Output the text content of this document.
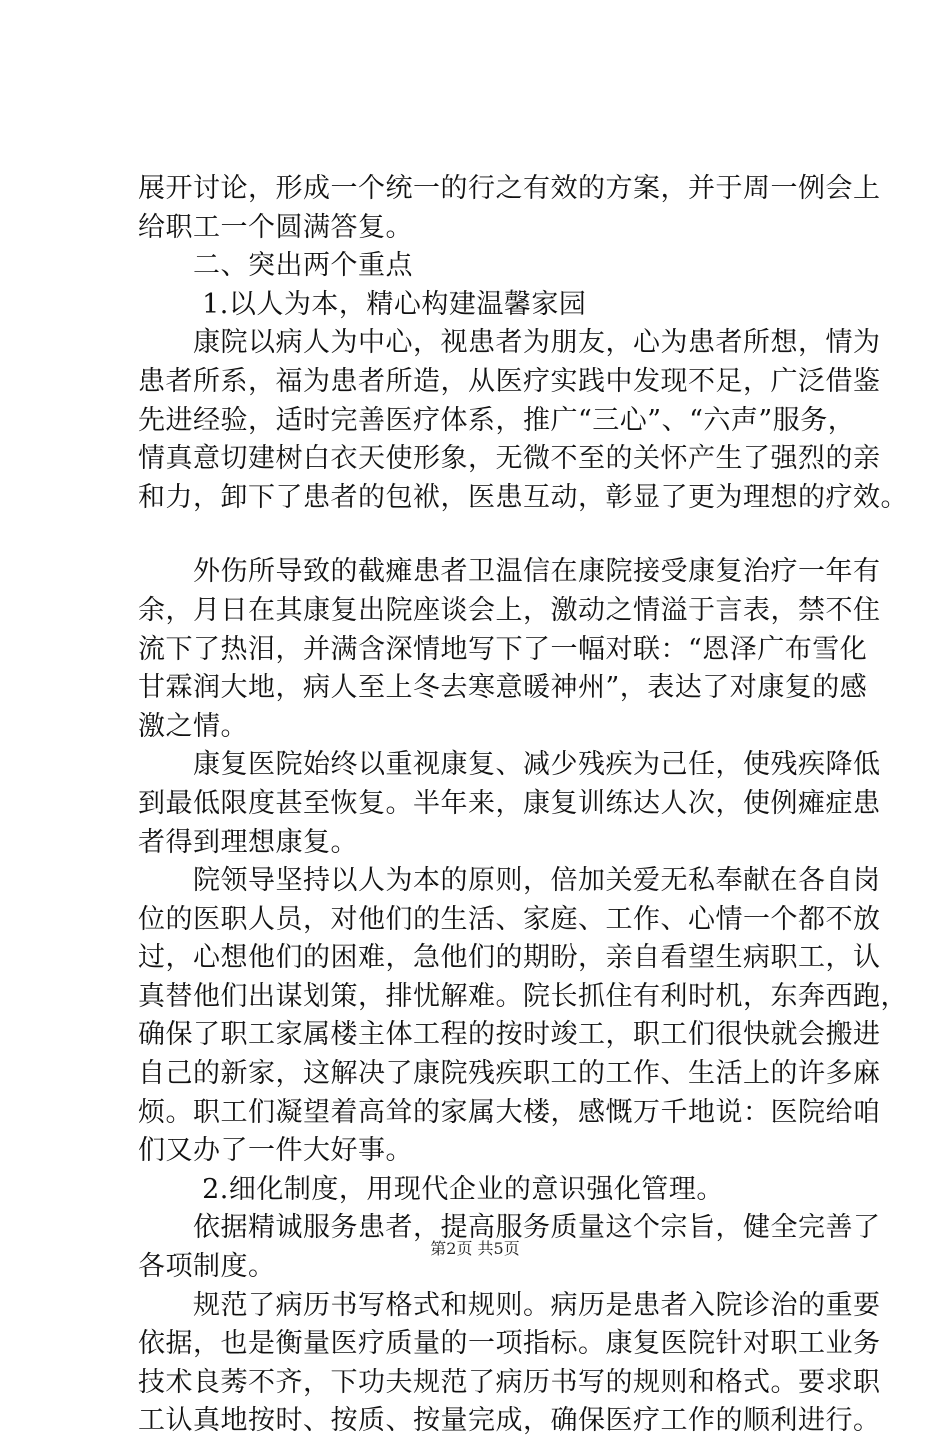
展开讨论，形成一个统一的行之有效的方案，并于周一例会上
给职工一个圆满答复。
　　二、突出两个重点
　　 1.以人为本，精心构建温馨家园
　　康院以病人为中心，视患者为朋友，心为患者所想，情为
患者所系，福为患者所造，从医疗实践中发现不足，广泛借鉴
先进经验，适时完善医疗体系，推广“三心”、“六声”服务，
情真意切建树白衣天使形象，无微不至的关怀产生了强烈的亲
和力，卸下了患者的包袱，医患互动，彰显了更为理想的疗效。
　　外伤所导致的截瘫患者卫温信在康院接受康复治疗一年有
余，月日在其康复出院座谈会上，激动之情溢于言表，禁不住
流下了热泪，并满含深情地写下了一幅对联：“恩泽广布雪化
甘霖润大地，病人至上冬去寒意暖神州”，表达了对康复的感
激之情。
　　康复医院始终以重视康复、减少残疾为己任，使残疾降低
到最低限度甚至恢复。半年来，康复训练达人次，使例瘫症患
者得到理想康复。
　　院领导坚持以人为本的原则，倍加关爱无私奉献在各自岗
位的医职人员，对他们的生活、家庭、工作、心情一个都不放
过，心想他们的困难，急他们的期盼，亲自看望生病职工，认
真替他们出谋划策，排忧解难。院长抓住有利时机，东奔西跑，
确保了职工家属楼主体工程的按时竣工，职工们很快就会搬进
自己的新家，这解决了康院残疾职工的工作、生活上的许多麻
烦。职工们凝望着高耸的家属大楼，感慨万千地说：医院给咱
们又办了一件大好事。
　　 2.细化制度，用现代企业的意识强化管理。
　　依据精诚服务患者，提高服务质量这个宗旨，健全完善了
各项制度。
　　规范了病历书写格式和规则。病历是患者入院诊治的重要
依据，也是衡量医疗质量的一项指标。康复医院针对职工业务
技术良莠不齐，下功夫规范了病历书写的规则和格式。要求职
工认真地按时、按质、按量完成，确保医疗工作的顺利进行。
第2页 共5页
